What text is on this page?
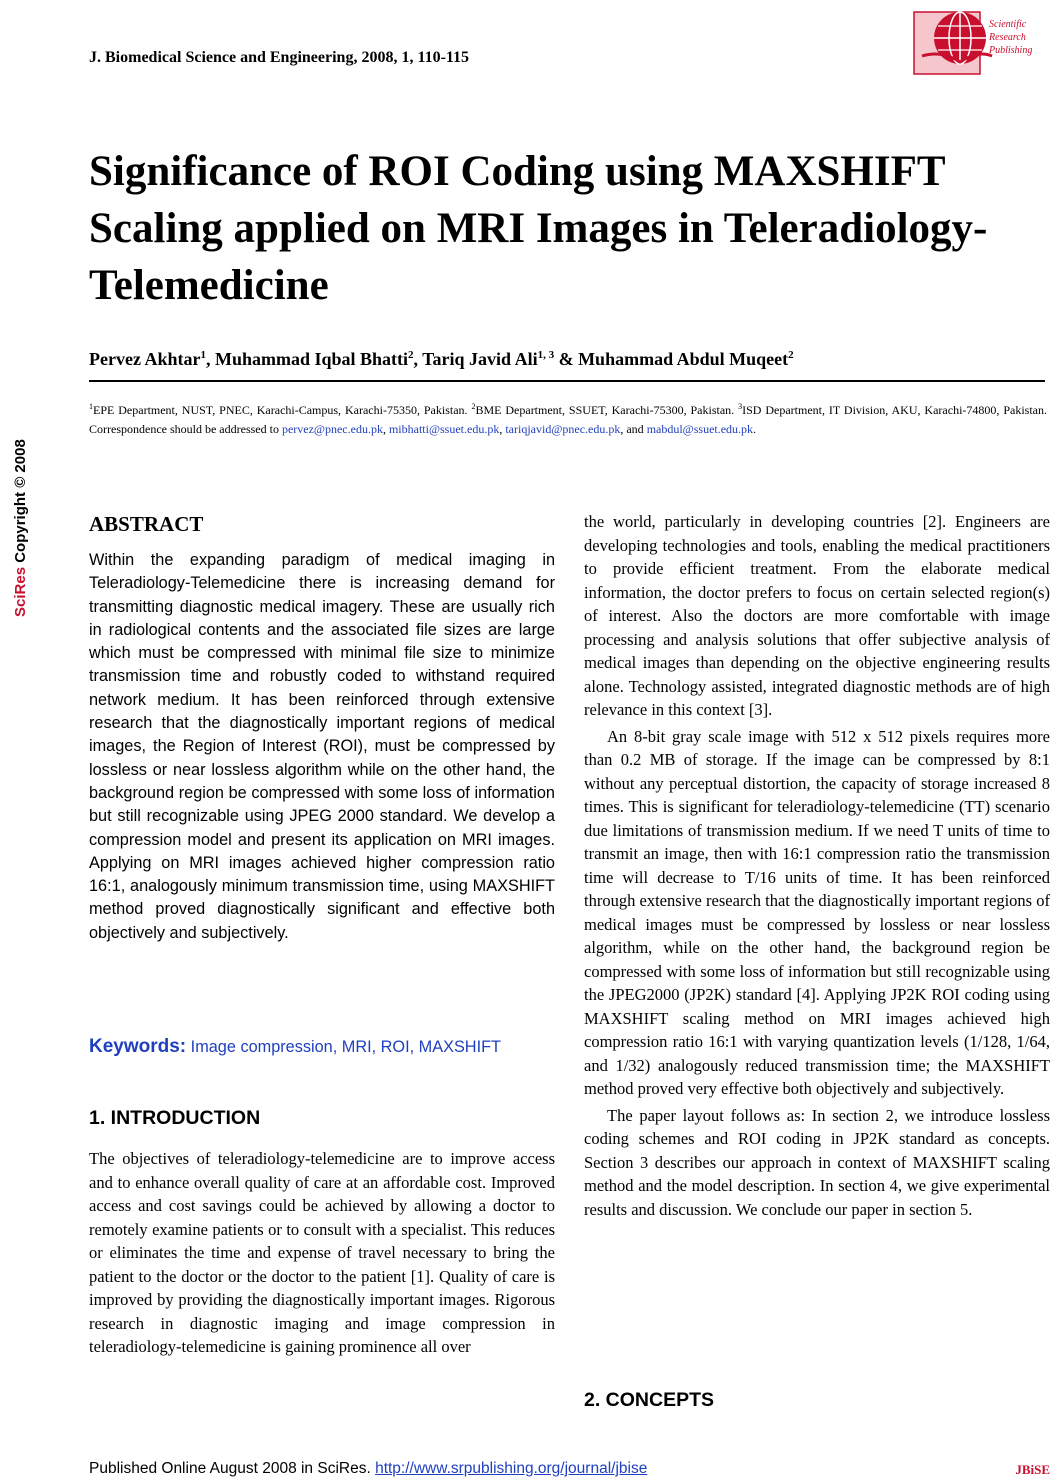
J. Biomedical Science and Engineering, 2008, 1, 110-115
Scientific
Research
Publishing
Significance of ROI Coding using MAXSHIFT Scaling applied on MRI Images in Teleradiology-Telemedicine
Pervez Akhtar$^1$, Muhammad Iqbal Bhatti$^2$, Tariq Javid Ali$^{1, 3}$ & Muhammad Abdul Muqeet$^2$
$^1$EPE Department, NUST, PNEC, Karachi-Campus, Karachi-75350, Pakistan. $^2$BME Department, SSUET, Karachi-75300, Pakistan. $^3$ISD Department, IT Division, AKU, Karachi-74800, Pakistan. Correspondence should be addressed to pervez@pnec.edu.pk, mibhatti@ssuet.edu.pk, tariqjavid@pnec.edu.pk, and mabdul@ssuet.edu.pk.
SciRes Copyright © 2008	ABSTRACT
Within the expanding paradigm of medical imaging in Teleradiology-Telemedicine there is increasing demand for transmitting diagnostic medical imagery. These are usually rich in radiological contents and the associated file sizes are large which must be compressed with minimal file size to minimize transmission time and robustly coded to withstand required network medium. It has been reinforced through extensive research that the diagnostically important regions of medical images, the Region of Interest (ROI), must be compressed by lossless or near lossless algorithm while on the other hand, the background region be compressed with some loss of information but still recognizable using JPEG 2000 standard. We develop a compression model and present its application on MRI images. Applying on MRI images achieved higher compression ratio 16:1, analogously minimum transmission time, using MAXSHIFT method proved diagnostically significant and effective both objectively and subjectively.
Keywords: Image compression, MRI, ROI, MAXSHIFT
1. INTRODUCTION
The objectives of teleradiology-telemedicine are to improve access and to enhance overall quality of care at an affordable cost. Improved access and cost savings could be achieved by allowing a doctor to remotely examine patients or to consult with a specialist. This reduces or eliminates the time and expense of travel necessary to bring the patient to the doctor or the doctor to the patient [1]. Quality of care is improved by providing the diagnostically important images. Rigorous research in diagnostic imaging and image compression in teleradiology-telemedicine is gaining prominence all over

the world, particularly in developing countries [2]. Engineers are developing technologies and tools, enabling the medical practitioners to provide efficient treatment. From the elaborate medical information, the doctor prefers to focus on certain selected region(s) of interest. Also the doctors are more comfortable with image processing and analysis solutions that offer subjective analysis of medical images than depending on the objective engineering results alone. Technology assisted, integrated diagnostic methods are of high relevance in this context [3].

An 8-bit gray scale image with 512 x 512 pixels requires more than 0.2 MB of storage. If the image can be compressed by 8:1 without any perceptual distortion, the capacity of storage increased 8 times. This is significant for teleradiology-telemedicine (TT) scenario due limitations of transmission medium. If we need T units of time to transmit an image, then with 16:1 compression ratio the transmission time will decrease to T/16 units of time. It has been reinforced through extensive research that the diagnostically important regions of medical images must be compressed by lossless or near lossless algorithm, while on the other hand, the background region be compressed with some loss of information but still recognizable using the JPEG2000 (JP2K) standard [4]. Applying JP2K ROI coding using MAXSHIFT scaling method on MRI images achieved high compression ratio 16:1 with varying quantization levels (1/128, 1/64, and 1/32) analogously reduced transmission time; the MAXSHIFT method proved very effective both objectively and subjectively.

The paper layout follows as: In section 2, we introduce lossless coding schemes and ROI coding in JP2K standard as concepts. Section 3 describes our approach in context of MAXSHIFT scaling method and the model description. In section 4, we give experimental results and discussion. We conclude our paper in section 5.

2. CONCEPTS
Published Online August 2008 in SciRes. http://www.srpublishing.org/journal/jbise	JBiSE
